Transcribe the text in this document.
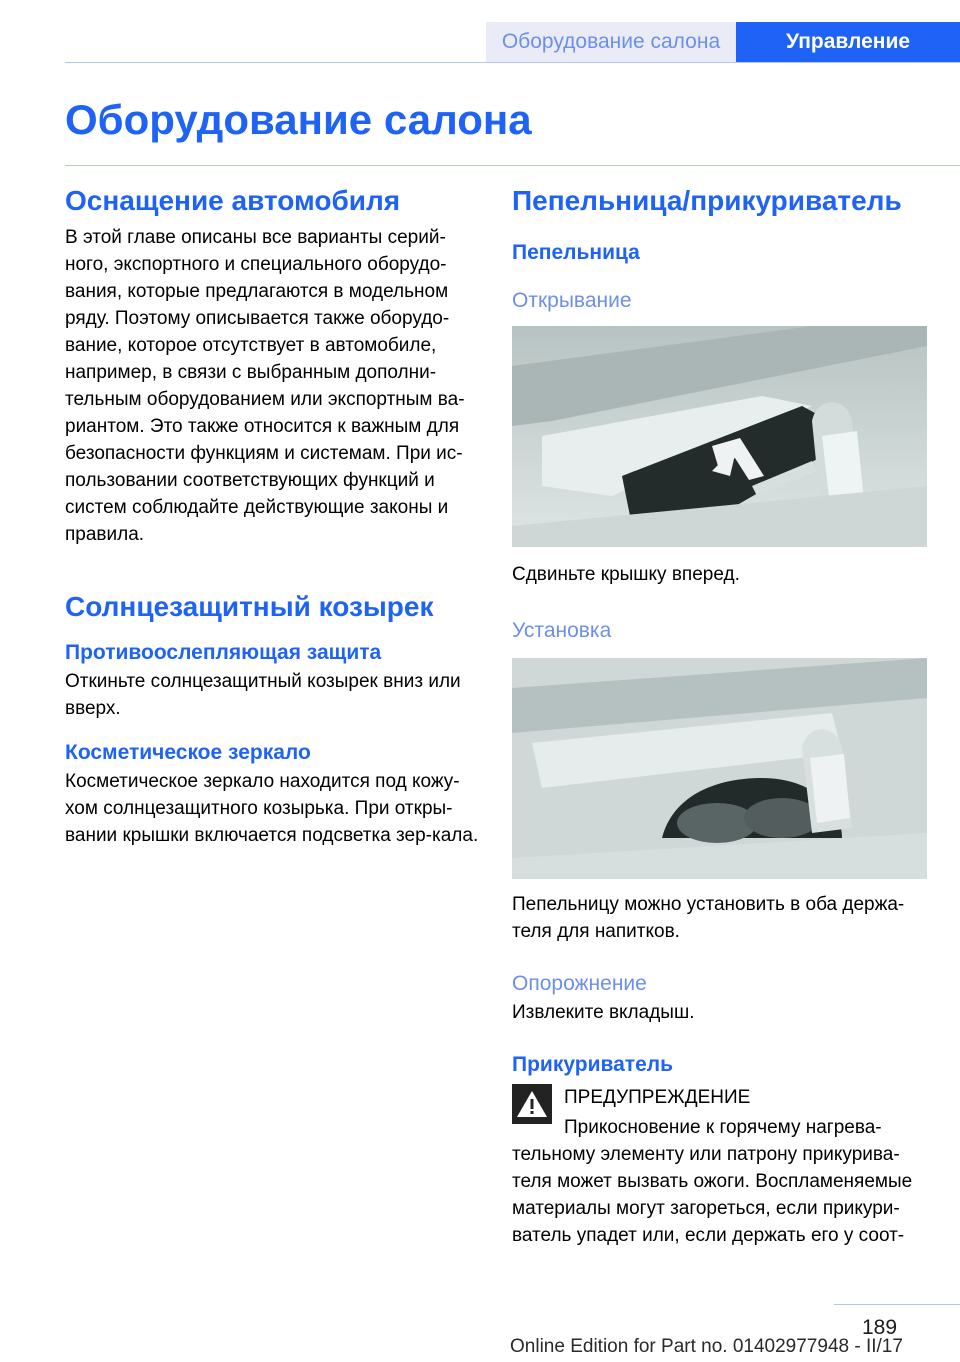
Оборудование салона	Управление
Оборудование салона
Оснащение автомобиля

В этой главе описаны все варианты серий-ного, экспортного и специального оборудо-вания, которые предлагаются в модельном ряду. Поэтому описывается также оборудо-вание, которое отсутствует в автомобиле, например, в связи с выбранным дополни-тельным оборудованием или экспортным ва-риантом. Это также относится к важным для безопасности функциям и системам. При ис-пользовании соответствующих функций и систем соблюдайте действующие законы и правила.

Солнцезащитный козырек
Противоослепляющая защита

Откиньте солнцезащитный козырек вниз или вверх.

Косметическое зеркало

Косметическое зеркало находится под кожу-хом солнцезащитного козырька. При откры-вании крышки включается подсветка зер-кала.

Пепельница/прикуриватель
Пепельница
Открывание

Сдвиньте крышку вперед.

Установка

Пепельницу можно установить в оба держа-теля для напитков.

Опорожнение

Извлеките вкладыш.

Прикуриватель

ПРЕДУПРЕЖДЕНИЕ

Прикосновение к горячему нагрева-тельному элементу или патрону прикурива-теля может вызвать ожоги. Воспламеняемые материалы могут загореться, если прикури-ватель упадет или, если держать его у соот-

189
Online Edition for Part no. 01402977948 - II/17
